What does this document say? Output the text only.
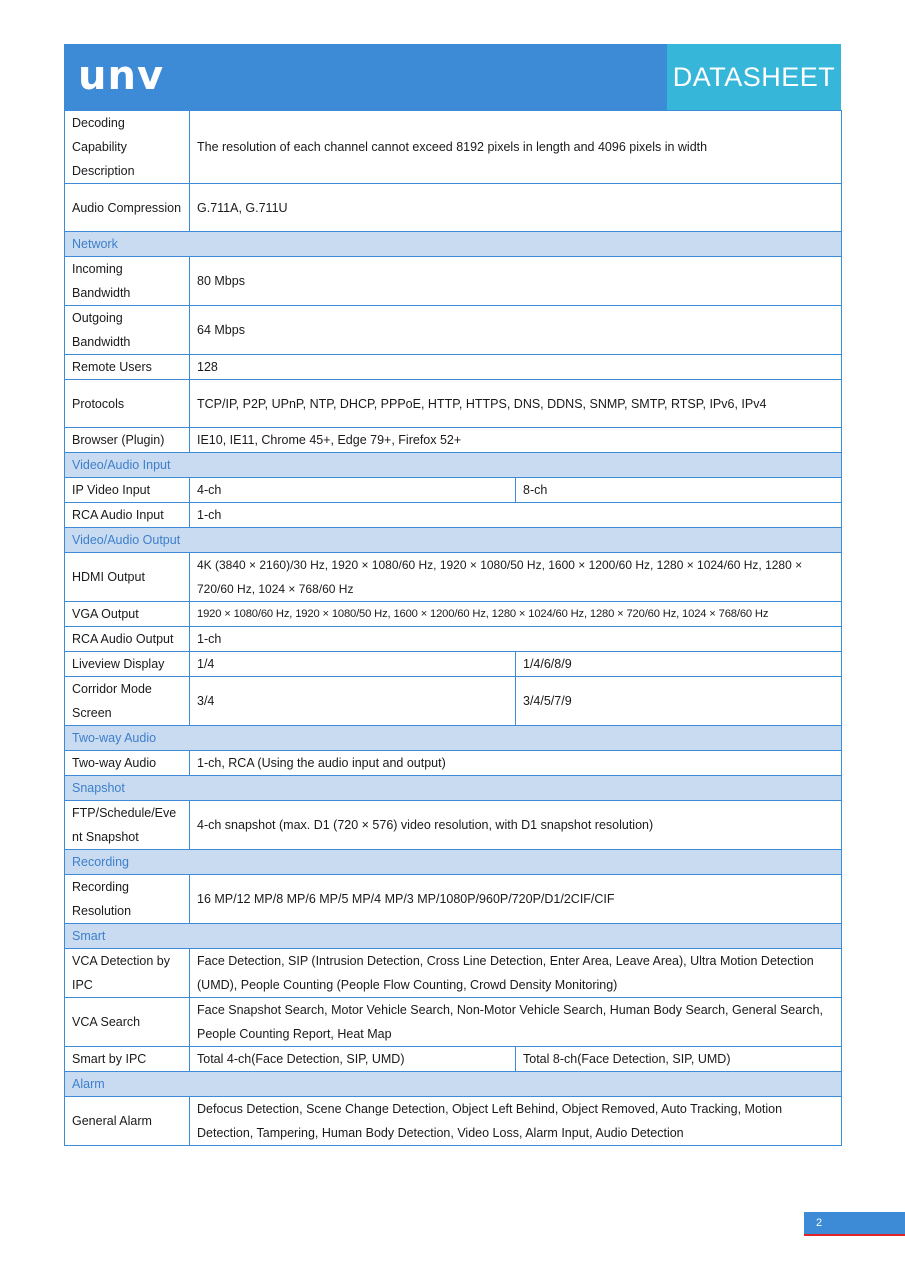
unv	DATASHEET
Decoding Capability Description	The resolution of each channel cannot exceed 8192 pixels in length and 4096 pixels in width	
Audio Compression	G.711A, G.711U	
Network		
Incoming Bandwidth	80 Mbps	
Outgoing Bandwidth	64 Mbps	
Remote Users	128	
Protocols	TCP/IP, P2P, UPnP, NTP, DHCP, PPPoE, HTTP, HTTPS, DNS, DDNS, SNMP, SMTP, RTSP, IPv6, IPv4	
Browser (Plugin)	IE10, IE11, Chrome 45+, Edge 79+, Firefox 52+	
Video/Audio Input		
IP Video Input	4-ch	8-ch
RCA Audio Input	1-ch	
Video/Audio Output		
HDMI Output	4K (3840 × 2160)/30 Hz, 1920 × 1080/60 Hz, 1920 × 1080/50 Hz, 1600 × 1200/60 Hz, 1280 × 1024/60 Hz, 1280 × 720/60 Hz, 1024 × 768/60 Hz	
VGA Output	1920 × 1080/60 Hz, 1920 × 1080/50 Hz, 1600 × 1200/60 Hz, 1280 × 1024/60 Hz, 1280 × 720/60 Hz, 1024 × 768/60 Hz	
RCA Audio Output	1-ch	
Liveview Display	1/4	1/4/6/8/9
Corridor Mode Screen	3/4	3/4/5/7/9
Two-way Audio		
Two-way Audio	1-ch, RCA (Using the audio input and output)	
Snapshot		
FTP/Schedule/Event Snapshot	4-ch snapshot (max. D1 (720 × 576) video resolution, with D1 snapshot resolution)	
Recording		
Recording Resolution	16 MP/12 MP/8 MP/6 MP/5 MP/4 MP/3 MP/1080P/960P/720P/D1/2CIF/CIF	
Smart		
VCA Detection by IPC	Face Detection, SIP (Intrusion Detection, Cross Line Detection, Enter Area, Leave Area), Ultra Motion Detection (UMD), People Counting (People Flow Counting, Crowd Density Monitoring)	
VCA Search	Face Snapshot Search, Motor Vehicle Search, Non-Motor Vehicle Search, Human Body Search, General Search, People Counting Report, Heat Map	
Smart by IPC	Total 4-ch(Face Detection, SIP, UMD)	Total 8-ch(Face Detection, SIP, UMD)
Alarm		
General Alarm	Defocus Detection, Scene Change Detection, Object Left Behind, Object Removed, Auto Tracking, Motion Detection, Tampering, Human Body Detection, Video Loss, Alarm Input, Audio Detection	
2
